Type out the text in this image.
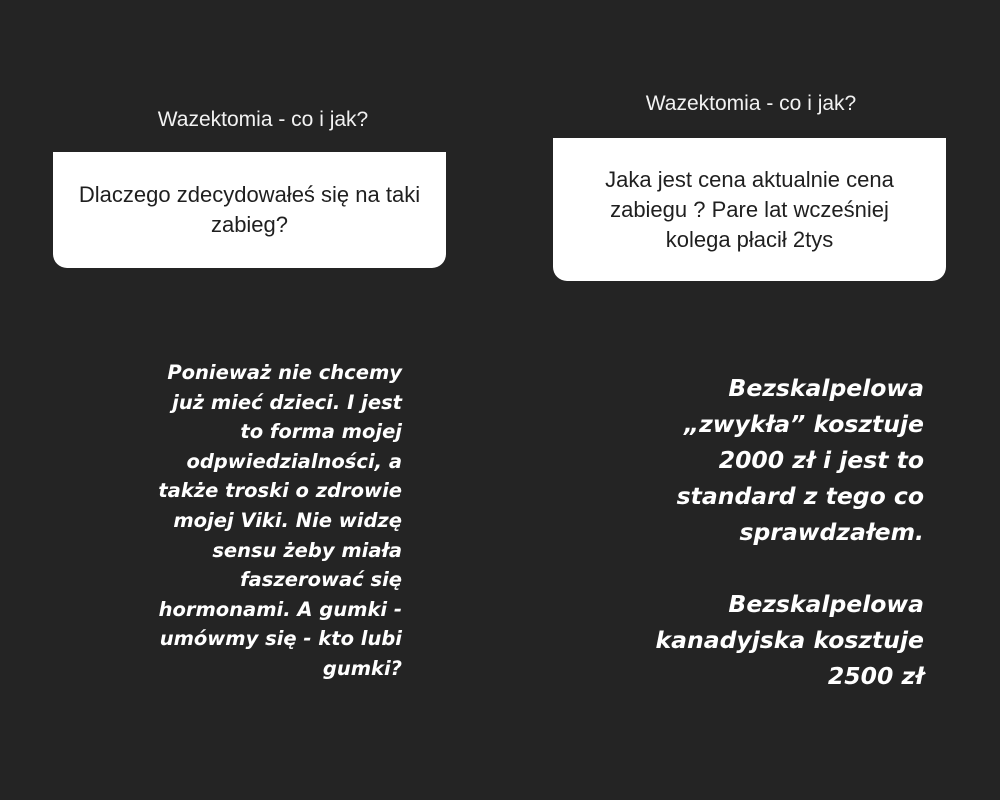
Wazektomia - co i jak?
Dlaczego zdecydowałeś się na taki zabieg?
Ponieważ nie chcemy
już mieć dzieci. I jest
to forma mojej
odpwiedzialności, a
także troski o zdrowie
mojej Viki. Nie widzę
sensu żeby miała
faszerować się
hormonami. A gumki -
umówmy się - kto lubi
gumki?
Wazektomia - co i jak?
Jaka jest cena aktualnie cena zabiegu ? Pare lat wcześniej kolega płacił 2tys
Bezskalpelowa
„zwykła” kosztuje
2000 zł i jest to
standard z tego co
sprawdzałem.
Bezskalpelowa
kanadyjska kosztuje
2500 zł
